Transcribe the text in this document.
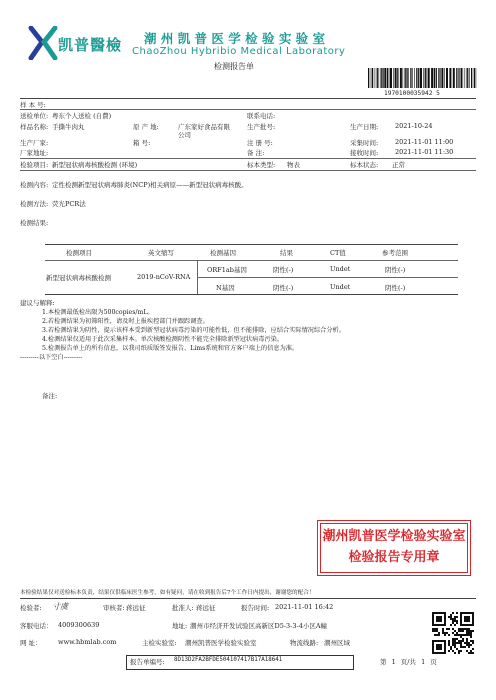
凯普醫檢 潮 州 凯 普 医 学 检 验 实 验 室
ChaoZhou Hybribio Medical Laboratory
检测报告单
1970100035942 5
样 本 号:
送检单位: 粤东个人送检 (自費)	联系电话:
样品名称: 手撕牛肉丸	原 产 地:	广东家好食品有限
公司
生产批号:	生产日期:	2021-10-24
生产厂家:	箱 号:	注 册 号:	采集时间:	2021-11-01 11:00
厂家地址:	备 注:	接收时间:	2021-11-01 11:30
检验项目: 新型冠状病毒核酸检测 (环境)	标本类型: 物表	标本状态: 正常
检测内容: 定性检测新型冠状病毒肺炎(NCP)相关病原——新型冠状病毒核酸。
检测方法: 荧光PCR法
检测结果:
检测项目	英文缩写	检测基因	结果	CT值	参考范围
新型冠状病毒核酸检测	2019-nCoV-RNA
ORF1ab基因	阴性(-)	Undet	阴性(-)
N基因	阴性(-)	Undet	阴性(-)
建议与解释:
1.本检测最低检出限为500copies/mL。
2.若检测结果为初筛阳性，请及时上报疾控部门并跟踪调查。
3.若检测结果为阴性，提示该样本受到新型冠状病毒污染的可能性低，但不能排除，应结合实际情况综合分析。
4.检测结果仅适用于此次采集样本。单次核酸检测阴性不能完全排除新型冠状病毒污染。
5.检测报告单上的所有信息，以我司纸质版签发报告、Lims系统和官方客户端上的信息为准。
---------以下空白---------
备注:
潮州凯普医学检验实验室
检验报告专用章
本检验结果仅对送检标本负责，结果仅供临床医生参考，如有疑问，请在收到报告后7个工作日内提出，谢谢您的配合！
检验者: 寸虞	审核者: 蒋远征	批准人: 蒋远征	报告时间: 2021-11-01 16:42
客服电话： 4009300639	地址: 潮州市经济开发试验区高新区D5-3-3-4小区A幢
网 址：	www.hbmlab.com	主检实验室: 潮州凯普医学检验实验室	物流线路: 潮州区域
报告单编号: 8D13D2FA2BFDE504107417B17A18641	第 1 页/共 1 页
